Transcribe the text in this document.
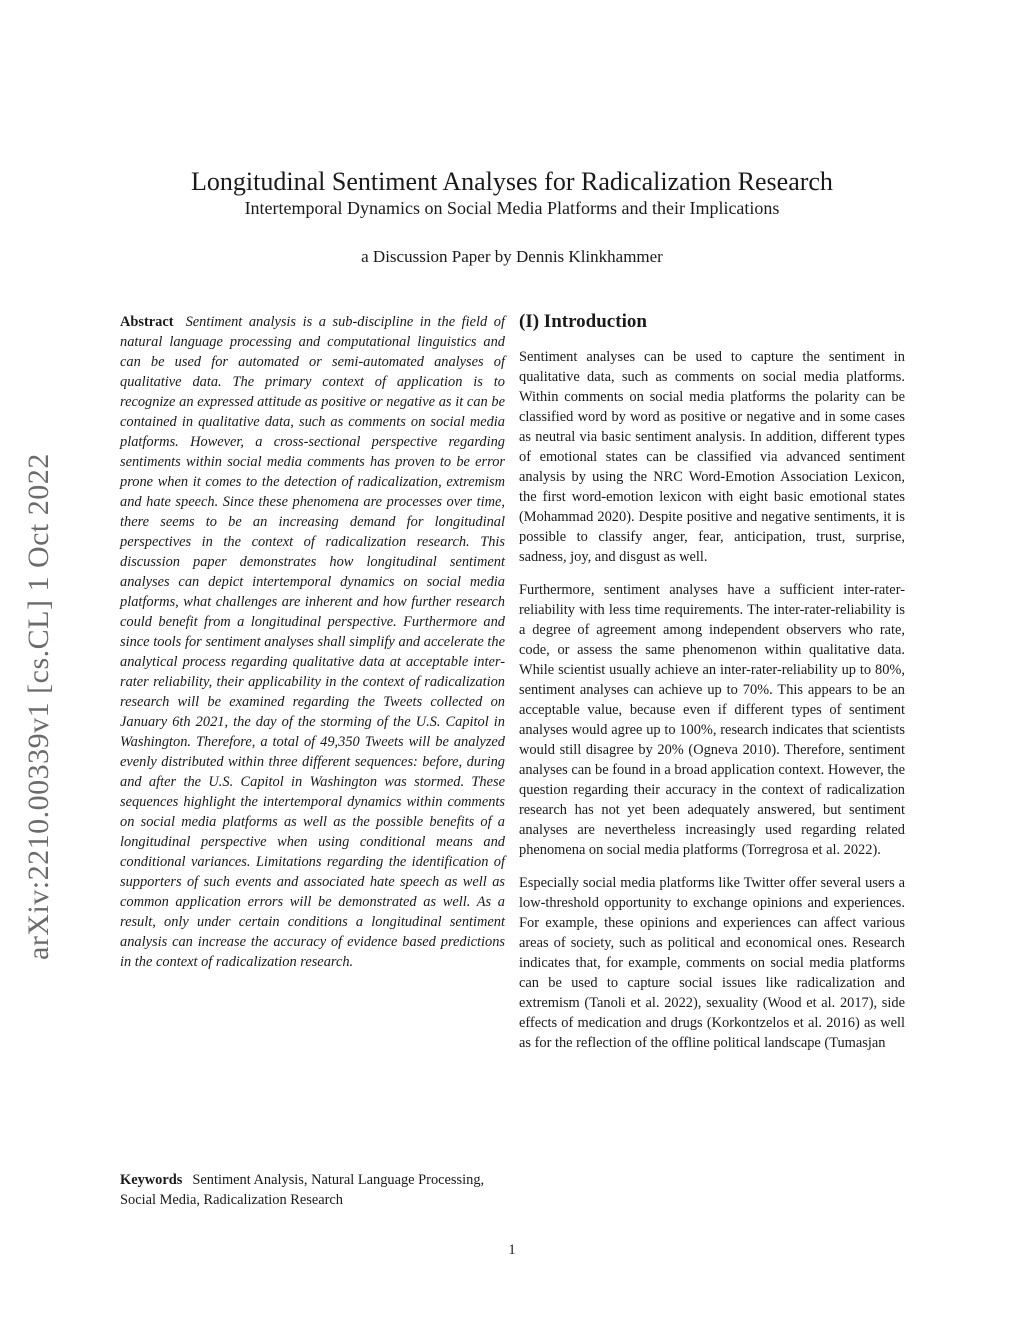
arXiv:2210.00339v1 [cs.CL] 1 Oct 2022
Longitudinal Sentiment Analyses for Radicalization Research

Intertemporal Dynamics on Social Media Platforms and their Implications

a Discussion Paper by Dennis Klinkhammer

Abstract Sentiment analysis is a sub-discipline in the field of natural language processing and computational linguistics and can be used for automated or semi-automated analyses of qualitative data. The primary context of application is to recognize an expressed attitude as positive or negative as it can be contained in qualitative data, such as comments on social media platforms. However, a cross-sectional perspective regarding sentiments within social media comments has proven to be error prone when it comes to the detection of radicalization, extremism and hate speech. Since these phenomena are processes over time, there seems to be an increasing demand for longitudinal perspectives in the context of radicalization research. This discussion paper demonstrates how longitudinal sentiment analyses can depict intertemporal dynamics on social media platforms, what challenges are inherent and how further research could benefit from a longitudinal perspective. Furthermore and since tools for sentiment analyses shall simplify and accelerate the analytical process regarding qualitative data at acceptable inter-rater reliability, their applicability in the context of radicalization research will be examined regarding the Tweets collected on January 6th 2021, the day of the storming of the U.S. Capitol in Washington. Therefore, a total of 49,350 Tweets will be analyzed evenly distributed within three different sequences: before, during and after the U.S. Capitol in Washington was stormed. These sequences highlight the intertemporal dynamics within comments on social media platforms as well as the possible benefits of a longitudinal perspective when using conditional means and conditional variances. Limitations regarding the identification of supporters of such events and associated hate speech as well as common application errors will be demonstrated as well. As a result, only under certain conditions a longitudinal sentiment analysis can increase the accuracy of evidence based predictions in the context of radicalization research.

Keywords Sentiment Analysis, Natural Language Processing, Social Media, Radicalization Research

(I) Introduction

Sentiment analyses can be used to capture the sentiment in qualitative data, such as comments on social media platforms. Within comments on social media platforms the polarity can be classified word by word as positive or negative and in some cases as neutral via basic sentiment analysis. In addition, different types of emotional states can be classified via advanced sentiment analysis by using the NRC Word-Emotion Association Lexicon, the first word-emotion lexicon with eight basic emotional states (Mohammad 2020). Despite positive and negative sentiments, it is possible to classify anger, fear, anticipation, trust, surprise, sadness, joy, and disgust as well.

Furthermore, sentiment analyses have a sufficient inter-rater-reliability with less time requirements. The inter-rater-reliability is a degree of agreement among independent observers who rate, code, or assess the same phenomenon within qualitative data. While scientist usually achieve an inter-rater-reliability up to 80%, sentiment analyses can achieve up to 70%. This appears to be an acceptable value, because even if different types of sentiment analyses would agree up to 100%, research indicates that scientists would still disagree by 20% (Ogneva 2010). Therefore, sentiment analyses can be found in a broad application context. However, the question regarding their accuracy in the context of radicalization research has not yet been adequately answered, but sentiment analyses are nevertheless increasingly used regarding related phenomena on social media platforms (Torregrosa et al. 2022).

Especially social media platforms like Twitter offer several users a low-threshold opportunity to exchange opinions and experiences. For example, these opinions and experiences can affect various areas of society, such as political and economical ones. Research indicates that, for example, comments on social media platforms can be used to capture social issues like radicalization and extremism (Tanoli et al. 2022), sexuality (Wood et al. 2017), side effects of medication and drugs (Korkontzelos et al. 2016) as well as for the reflection of the offline political landscape (Tumasjan

1
